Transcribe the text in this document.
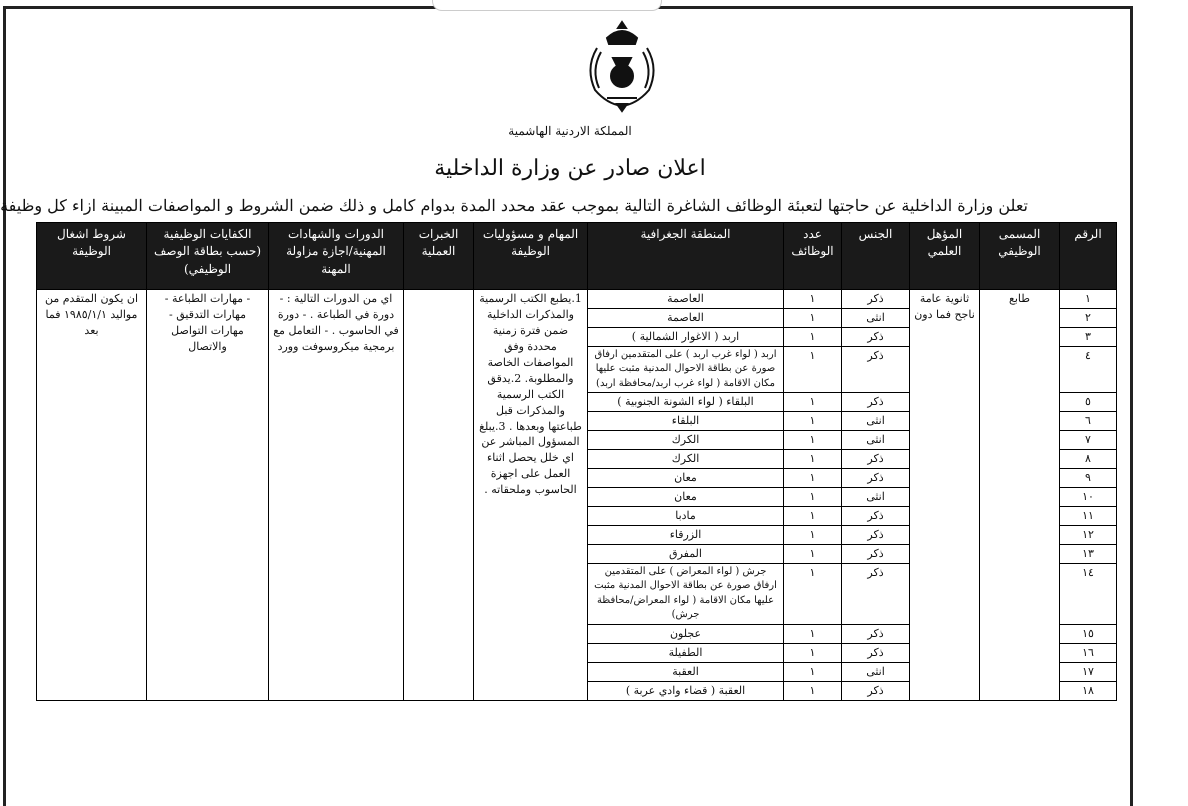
المملكة الاردنية الهاشمية
اعلان صادر عن وزارة الداخلية
تعلن وزارة الداخلية عن حاجتها لتعبئة الوظائف الشاغرة التالية بموجب عقد محدد المدة بدوام كامل و ذلك ضمن الشروط و المواصفات المبينة ازاء كل وظيفة
الرقم	المسمى الوظيفي	المؤهل العلمي	الجنس	عدد الوظائف	المنطقة الجغرافية	المهام و مسؤوليات الوظيفة	الخبرات العملية	الدورات والشهادات المهنية/اجازة مزاولة المهنة	الكفايات الوظيفية (حسب بطاقة الوصف الوظيفي)	شروط اشغال الوظيفة
١	طابع	ثانوية عامة ناجح فما دون	ذكر	١	العاصمة	1.يطبع الكتب الرسمية والمذكرات الداخلية ضمن فترة زمنية محددة وفق المواصفات الخاصة والمطلوبة. 2.يدقق الكتب الرسمية والمذكرات قبل طباعتها وبعدها . 3.يبلغ المسؤول المباشر عن اي خلل يحصل اثناء العمل على اجهزة الحاسوب وملحقاته .		اي من الدورات التالية : - دورة في الطباعة . - دورة في الحاسوب . - التعامل مع برمجية ميكروسوفت وورد	- مهارات الطباعة - مهارات التدقيق - مهارات التواصل والاتصال	ان يكون المتقدم من مواليد ١٩٨٥/١/١ فما بعد
٢			انثى	١	العاصمة					
٣			ذكر	١	اربد ( الاغوار الشمالية )					
٤			ذكر	١	اربد ( لواء غرب اربد ) على المتقدمين ارفاق صورة عن بطاقة الاحوال المدنية مثبت عليها مكان الاقامة ( لواء غرب اربد/محافظة اربد)					
٥			ذكر	١	البلقاء ( لواء الشونة الجنوبية )					
٦			انثى	١	البلقاء					
٧			انثى	١	الكرك					
٨			ذكر	١	الكرك					
٩			ذكر	١	معان					
١٠			انثى	١	معان					
١١			ذكر	١	مادبا					
١٢			ذكر	١	الزرقاء					
١٣			ذكر	١	المفرق					
١٤			ذكر	١	جرش ( لواء المعراض ) على المتقدمين ارفاق صورة عن بطاقة الاحوال المدنية مثبت عليها مكان الاقامة ( لواء المعراض/محافظة جرش)					
١٥			ذكر	١	عجلون					
١٦			ذكر	١	الطفيلة					
١٧			انثى	١	العقبة					
١٨			ذكر	١	العقبة ( قضاء وادي عربة )					
